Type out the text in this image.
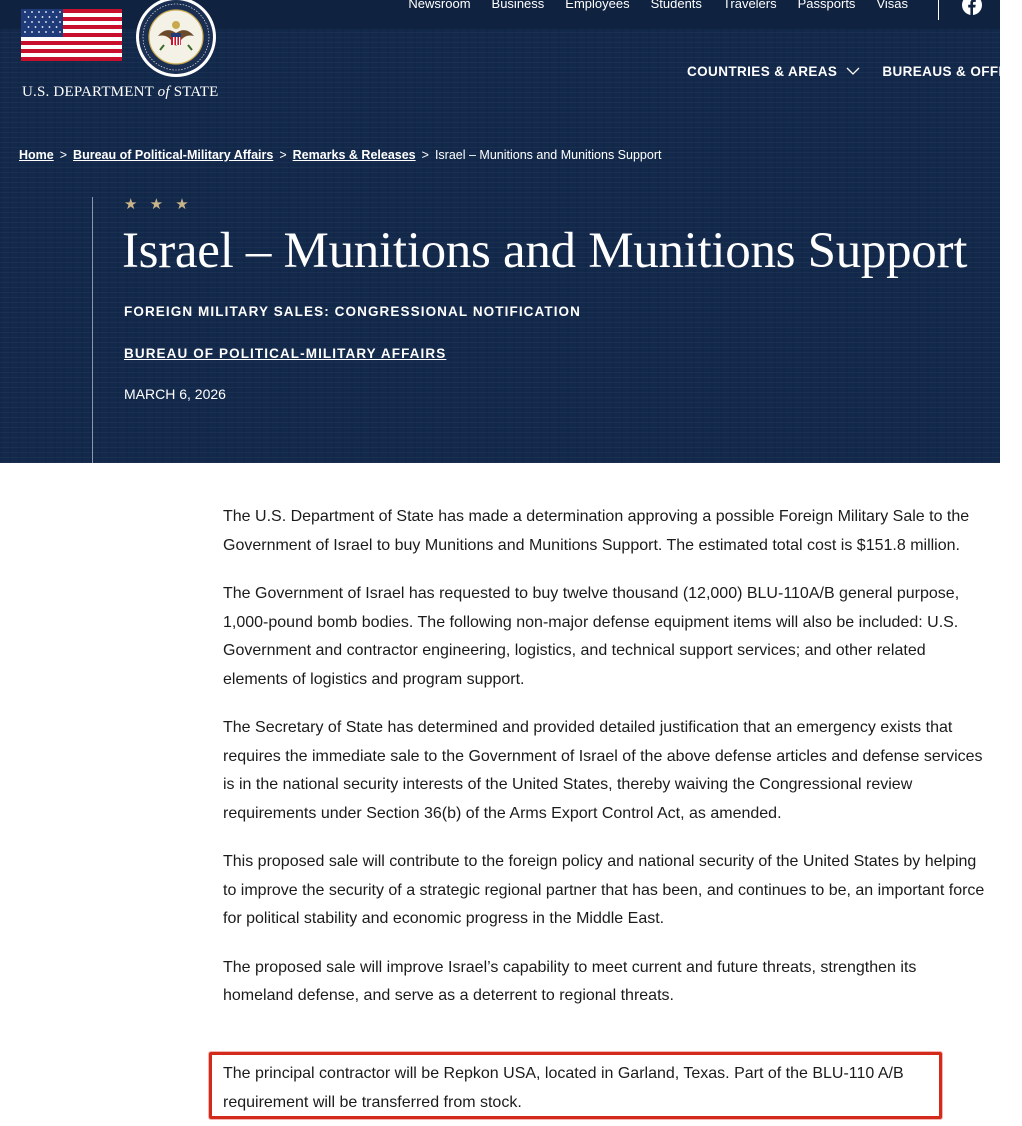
Newsroom Business Employees Students Travelers Passports Visas
U.S. DEPARTMENT of STATE
COUNTRIES & AREAS	BUREAUS & OFFICE
Home > Bureau of Political-Military Affairs > Remarks & Releases > Israel – Munitions and Munitions Support
★ ★ ★
Israel – Munitions and Munitions Support
FOREIGN MILITARY SALES: CONGRESSIONAL NOTIFICATION
BUREAU OF POLITICAL-MILITARY AFFAIRS
MARCH 6, 2026

The U.S. Department of State has made a determination approving a possible Foreign Military Sale to the Government of Israel to buy Munitions and Munitions Support. The estimated total cost is $151.8 million.

The Government of Israel has requested to buy twelve thousand (12,000) BLU-110A/B general purpose, 1,000-pound bomb bodies. The following non-major defense equipment items will also be included: U.S. Government and contractor engineering, logistics, and technical support services; and other related elements of logistics and program support.

The Secretary of State has determined and provided detailed justification that an emergency exists that requires the immediate sale to the Government of Israel of the above defense articles and defense services is in the national security interests of the United States, thereby waiving the Congressional review requirements under Section 36(b) of the Arms Export Control Act, as amended.

This proposed sale will contribute to the foreign policy and national security of the United States by helping to improve the security of a strategic regional partner that has been, and continues to be, an important force for political stability and economic progress in the Middle East.

The proposed sale will improve Israel’s capability to meet current and future threats, strengthen its homeland defense, and serve as a deterrent to regional threats.

The principal contractor will be Repkon USA, located in Garland, Texas. Part of the BLU-110 A/B requirement will be transferred from stock.
